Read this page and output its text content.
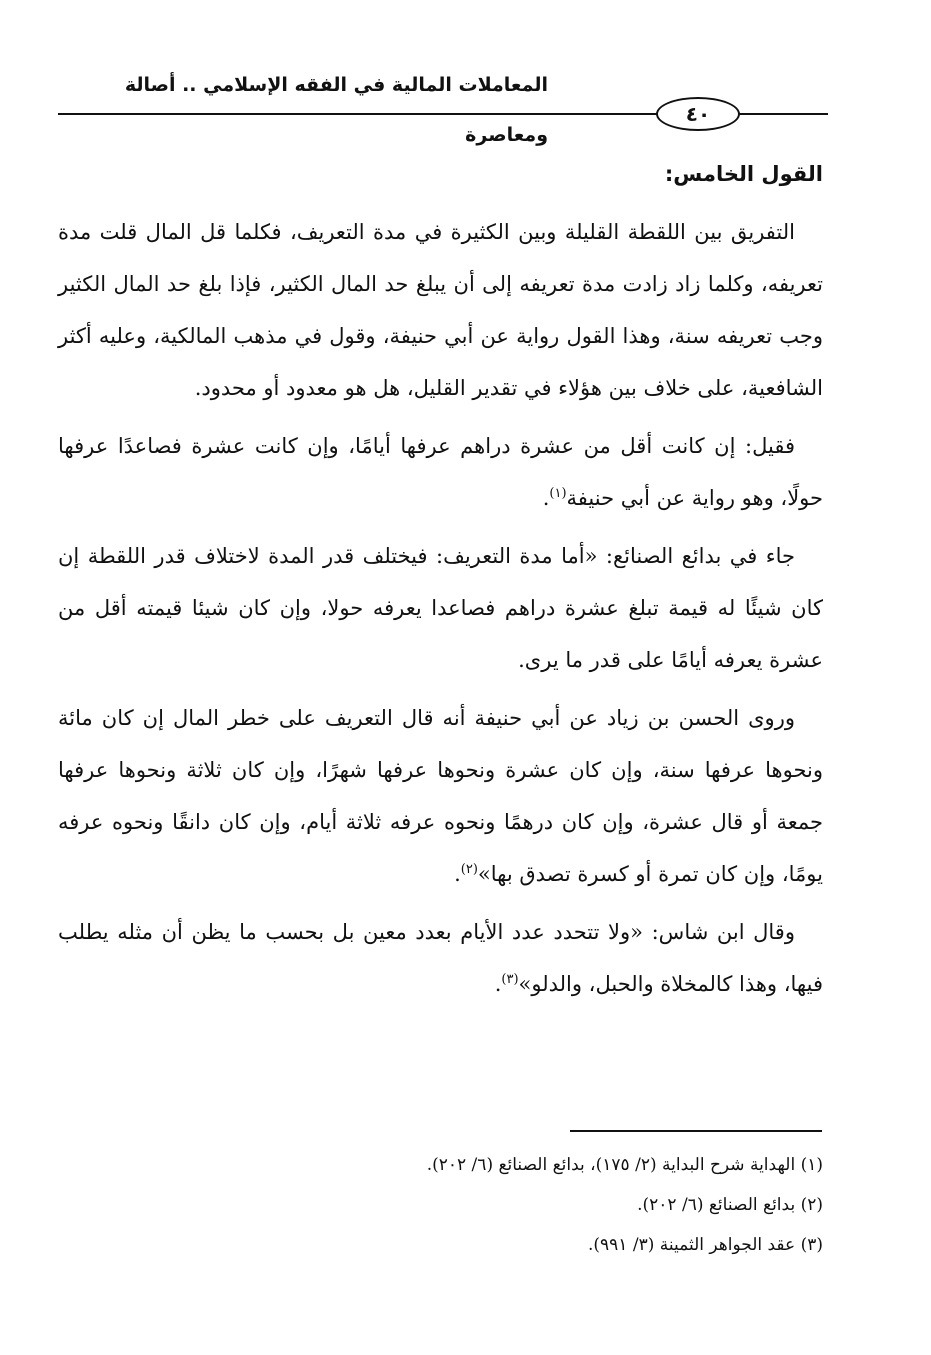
المعاملات المالية في الفقه الإسلامي .. أصالة ومعاصرة
٤٠
القول الخامس:

التفريق بين اللقطة القليلة وبين الكثيرة في مدة التعريف، فكلما قل المال قلت مدة تعريفه، وكلما زاد زادت مدة تعريفه إلى أن يبلغ حد المال الكثير، فإذا بلغ حد المال الكثير وجب تعريفه سنة، وهذا القول رواية عن أبي حنيفة، وقول في مذهب المالكية، وعليه أكثر الشافعية، على خلاف بين هؤلاء في تقدير القليل، هل هو معدود أو محدود.

فقيل: إن كانت أقل من عشرة دراهم عرفها أيامًا، وإن كانت عشرة فصاعدًا عرفها حولًا، وهو رواية عن أبي حنيفة$^{(١)}$.

جاء في بدائع الصنائع: «أما مدة التعريف: فيختلف قدر المدة لاختلاف قدر اللقطة إن كان شيئًا له قيمة تبلغ عشرة دراهم فصاعدا يعرفه حولا، وإن كان شيئا قيمته أقل من عشرة يعرفه أيامًا على قدر ما يرى.

وروى الحسن بن زياد عن أبي حنيفة أنه قال التعريف على خطر المال إن كان مائة ونحوها عرفها سنة، وإن كان عشرة ونحوها عرفها شهرًا، وإن كان ثلاثة ونحوها عرفها جمعة أو قال عشرة، وإن كان درهمًا ونحوه عرفه ثلاثة أيام، وإن كان دانقًا ونحوه عرفه يومًا، وإن كان تمرة أو كسرة تصدق بها»$^{(٢)}$.

وقال ابن شاس: «ولا تتحدد عدد الأيام بعدد معين بل بحسب ما يظن أن مثله يطلب فيها، وهذا كالمخلاة والحبل، والدلو»$^{(٣)}$.

(١) الهداية شرح البداية (٢/ ١٧٥)، بدائع الصنائع (٦/ ٢٠٢).
(٢) بدائع الصنائع (٦/ ٢٠٢).
(٣) عقد الجواهر الثمينة (٣/ ٩٩١).
